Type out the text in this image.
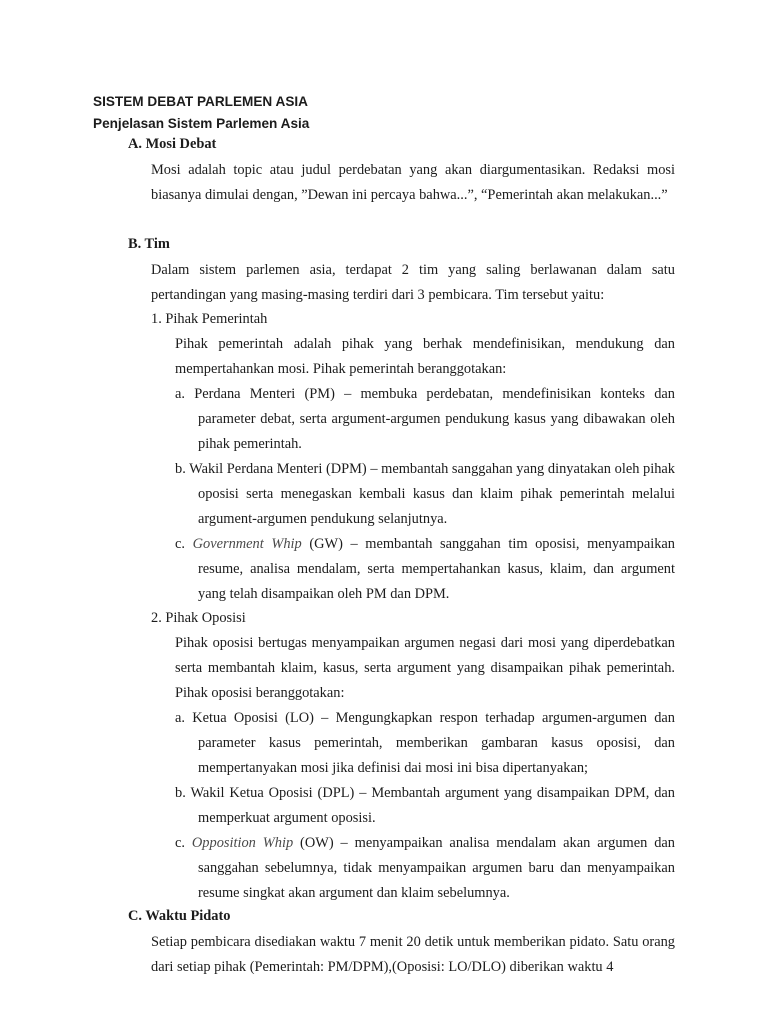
SISTEM DEBAT PARLEMEN ASIA
Penjelasan Sistem Parlemen Asia
A. Mosi Debat

Mosi adalah topic atau judul perdebatan yang akan diargumentasikan. Redaksi mosi biasanya dimulai dengan, ”Dewan ini percaya bahwa...”, “Pemerintah akan melakukan...”

B. Tim

Dalam sistem parlemen asia, terdapat 2 tim yang saling berlawanan dalam satu pertandingan yang masing-masing terdiri dari 3 pembicara. Tim tersebut yaitu:

1. Pihak Pemerintah

Pihak pemerintah adalah pihak yang berhak mendefinisikan, mendukung dan mempertahankan mosi. Pihak pemerintah beranggotakan:

a. Perdana Menteri (PM) – membuka perdebatan, mendefinisikan konteks dan parameter debat, serta argument-argumen pendukung kasus yang dibawakan oleh pihak pemerintah.

b. Wakil Perdana Menteri (DPM) – membantah sanggahan yang dinyatakan oleh pihak oposisi serta menegaskan kembali kasus dan klaim pihak pemerintah melalui argument-argumen pendukung selanjutnya.

c. Government Whip (GW) – membantah sanggahan tim oposisi, menyampaikan resume, analisa mendalam, serta mempertahankan kasus, klaim, dan argument yang telah disampaikan oleh PM dan DPM.

2. Pihak Oposisi

Pihak oposisi bertugas menyampaikan argumen negasi dari mosi yang diperdebatkan serta membantah klaim, kasus, serta argument yang disampaikan pihak pemerintah. Pihak oposisi beranggotakan:

a. Ketua Oposisi (LO) – Mengungkapkan respon terhadap argumen-argumen dan parameter kasus pemerintah, memberikan gambaran kasus oposisi, dan mempertanyakan mosi jika definisi dai mosi ini bisa dipertanyakan;

b. Wakil Ketua Oposisi (DPL) – Membantah argument yang disampaikan DPM, dan memperkuat argument oposisi.

c. Opposition Whip (OW) – menyampaikan analisa mendalam akan argumen dan sanggahan sebelumnya, tidak menyampaikan argumen baru dan menyampaikan resume singkat akan argument dan klaim sebelumnya.

C. Waktu Pidato

Setiap pembicara disediakan waktu 7 menit 20 detik untuk memberikan pidato. Satu orang dari setiap pihak (Pemerintah: PM/DPM),(Oposisi: LO/DLO) diberikan waktu 4
